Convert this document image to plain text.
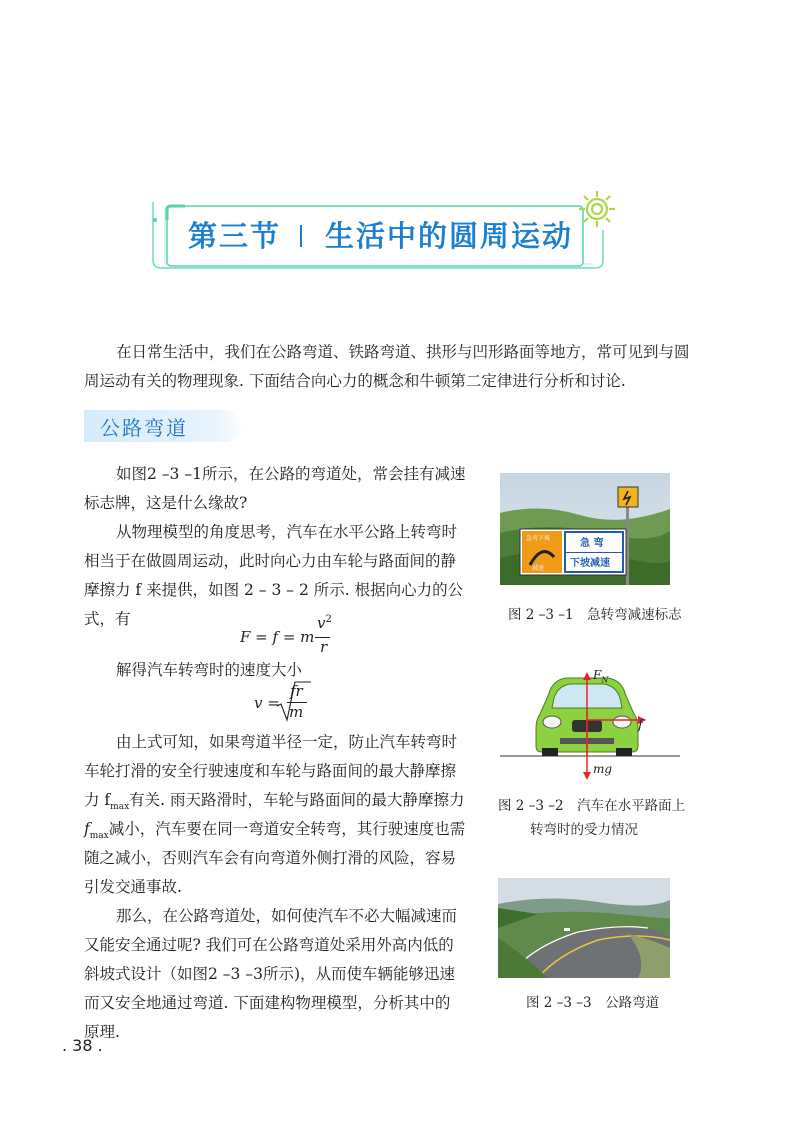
第三节 生活中的圆周运动
在日常生活中，我们在公路弯道、铁路弯道、拱形与凹形路面等地方，常可见到与圆
周运动有关的物理现象. 下面结合向心力的概念和牛顿第二定律进行分析和讨论.
公路弯道
如图2 –3 –1所示，在公路的弯道处，常会挂有减速
标志牌，这是什么缘故?
从物理模型的角度思考，汽车在水平公路上转弯时
相当于在做圆周运动，此时向心力由车轮与路面间的静
摩擦力 f 来提供，如图 2 – 3 – 2 所示. 根据向心力的公
式，有
F = f = m
$v^2$
r
解得汽车转弯时的速度大小
v =
fr
m
由上式可知，如果弯道半径一定，防止汽车转弯时
车轮打滑的安全行驶速度和车轮与路面间的最大静摩擦
力 $f_{max}$有关. 雨天路滑时，车轮与路面间的最大静摩擦力
$f_{max}$减小，汽车要在同一弯道安全转弯，其行驶速度也需
随之减小，否则汽车会有向弯道外侧打滑的风险，容易
引发交通事故.
那么，在公路弯道处，如何使汽车不必大幅减速而
又能安全通过呢? 我们可在公路弯道处采用外高内低的
斜坡式设计（如图2 –3 –3所示)，从而使车辆能够迅速
而又安全地通过弯道. 下面建构物理模型，分析其中的
原理.
急弯下坡
减速
急 弯
下坡减速
图 2 –3 –1　急转弯减速标志
$F_N$
f
mg
图 2 –3 –2　汽车在水平路面上
转弯时的受力情况
图 2 –3 –3　公路弯道
. 38 .
